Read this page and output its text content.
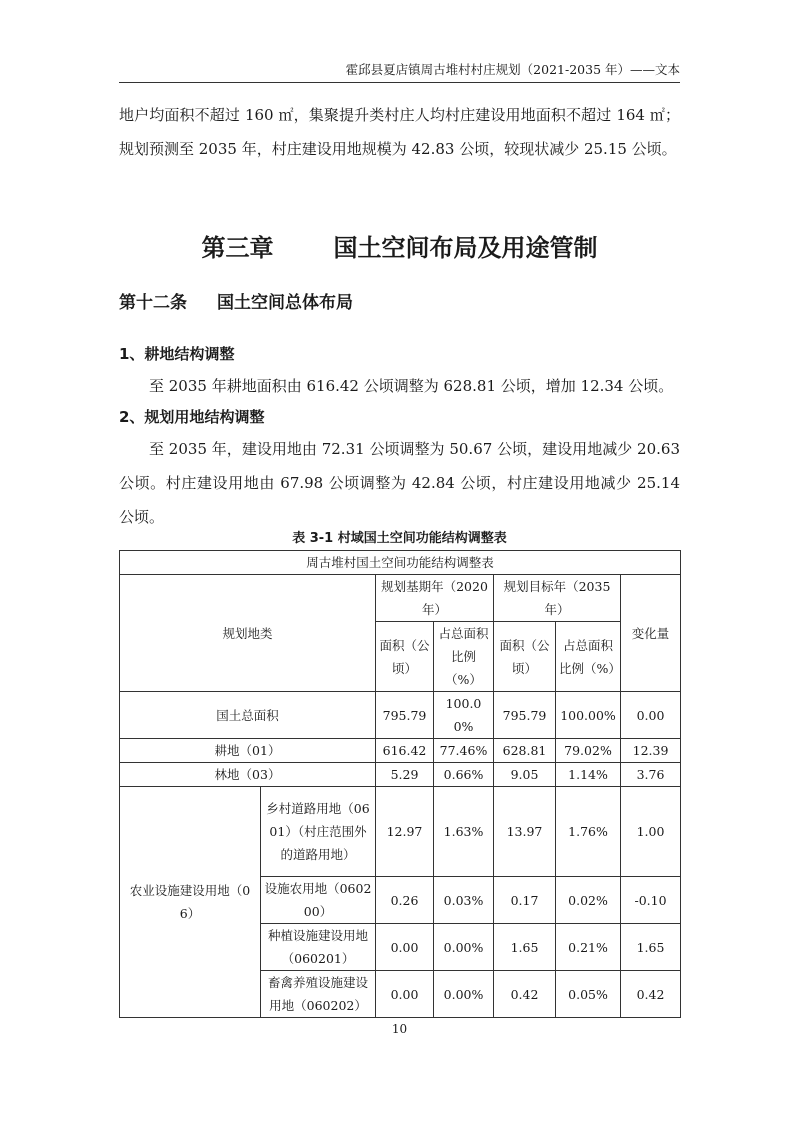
霍邱县夏店镇周古堆村村庄规划（2021-2035 年）——文本
地户均面积不超过 160 ㎡，集聚提升类村庄人均村庄建设用地面积不超过 164 ㎡；规划预测至 2035 年，村庄建设用地规模为 42.83 公顷，较现状减少 25.15 公顷。
第三章	国土空间布局及用途管制
第十二条 国土空间总体布局
1、耕地结构调整
至 2035 年耕地面积由 616.42 公顷调整为 628.81 公顷，增加 12.34 公顷。
2、规划用地结构调整
至 2035 年，建设用地由 72.31 公顷调整为 50.67 公顷，建设用地减少 20.63 公顷。村庄建设用地由 67.98 公顷调整为 42.84 公顷，村庄建设用地减少 25.14 公顷。
表 3-1 村域国土空间功能结构调整表
周古堆村国土空间功能结构调整表						
规划地类		规划基期年（2020 年）		规划目标年（2035 年）		变化量
		面积（公顷）	占总面积比例（%）	面积（公顷）	占总面积比例（%）	
国土总面积		795.79	100.00%	795.79	100.00%	0.00
耕地（01）		616.42	77.46%	628.81	79.02%	12.39
林地（03）		5.29	0.66%	9.05	1.14%	3.76
农业设施建设用地（06）	乡村道路用地（0601）（村庄范围外的道路用地）	12.97	1.63%	13.97	1.76%	1.00
	设施农用地（060200）	0.26	0.03%	0.17	0.02%	-0.10
	种植设施建设用地（060201）	0.00	0.00%	1.65	0.21%	1.65
	畜禽养殖设施建设用地（060202）	0.00	0.00%	0.42	0.05%	0.42
10
